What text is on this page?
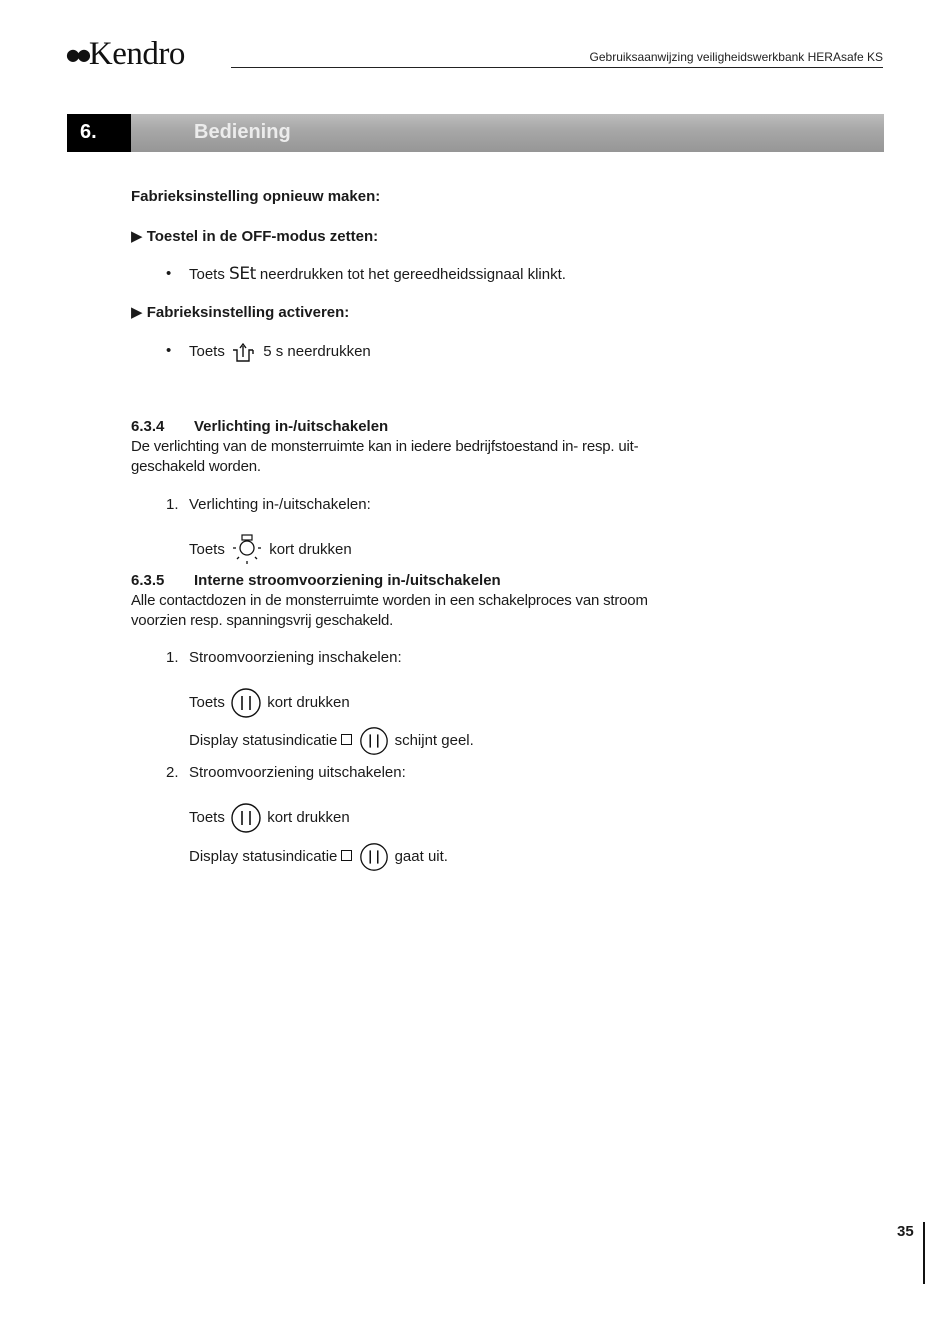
●●Kendro	Gebruiksaanwijzing veiligheidswerkbank HERAsafe KS
6.	Bediening
Fabrieksinstelling opnieuw maken:
▶ Toestel in de OFF-modus zetten:
• Toets SEt neerdrukken tot het gereedheidssignaal klinkt.
▶ Fabrieksinstelling activeren:
• Toets	5 s neerdrukken
6.3.4 Verlichting in-/uitschakelen
De verlichting van de monsterruimte kan in iedere bedrijfstoestand in- resp. uit-geschakeld worden.
1. Verlichting in-/uitschakelen:
Toets	kort drukken
6.3.5 Interne stroomvoorziening in-/uitschakelen
Alle contactdozen in de monsterruimte worden in een schakelproces van stroom voorzien resp. spanningsvrij geschakeld.
1. Stroomvoorziening inschakelen:
Toets	kort drukken
Display statusindicatie	schijnt geel.
2. Stroomvoorziening uitschakelen:
Toets	kort drukken
Display statusindicatie	gaat uit.
35
